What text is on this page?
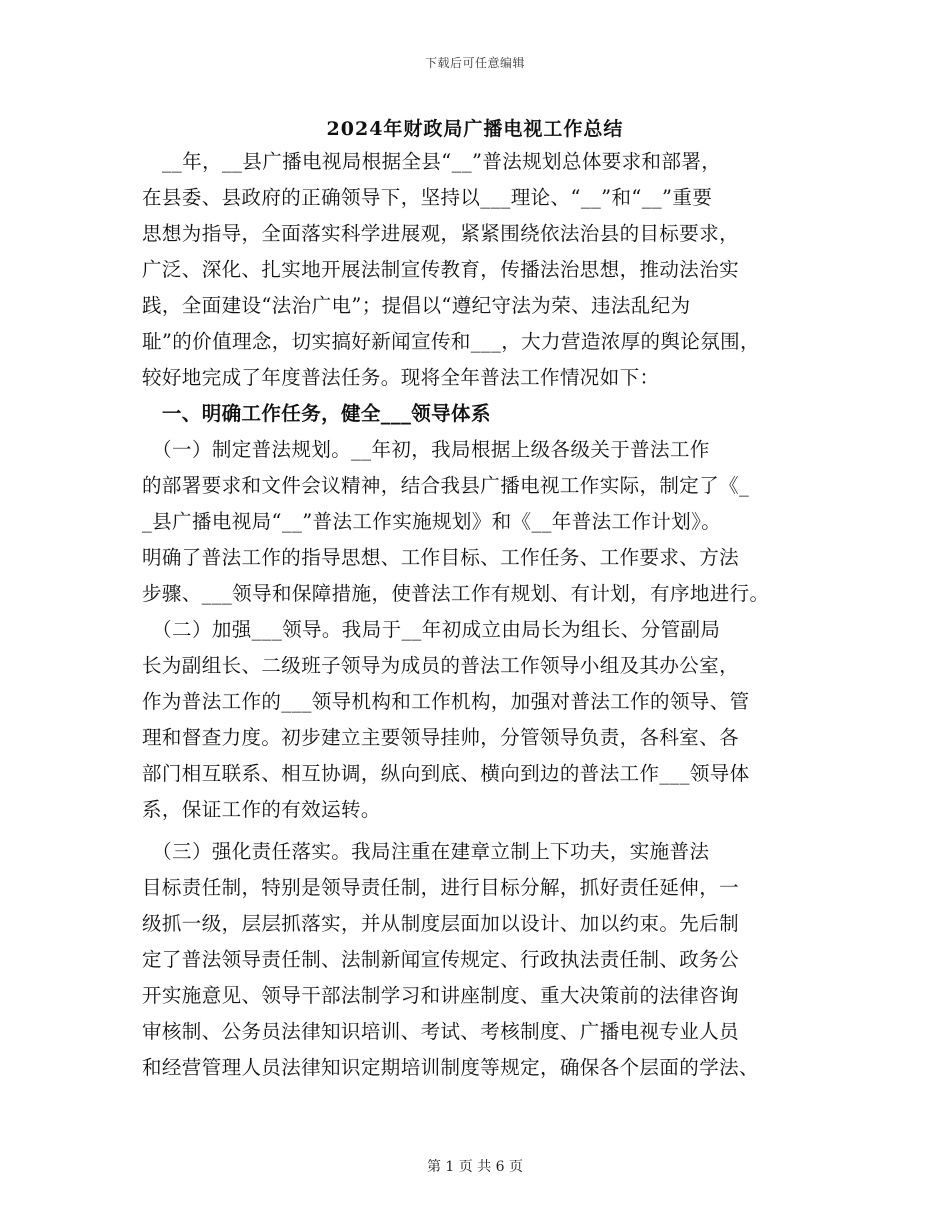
下载后可任意编辑
2024年财政局广播电视工作总结
　__年，__县广播电视局根据全县“__”普法规划总体要求和部署，
在县委、县政府的正确领导下，坚持以___理论、“__”和“__”重要
思想为指导，全面落实科学进展观，紧紧围绕依法治县的目标要求，
广泛、深化、扎实地开展法制宣传教育，传播法治思想，推动法治实
践，全面建设“法治广电”；提倡以“遵纪守法为荣、违法乱纪为
耻”的价值理念，切实搞好新闻宣传和___，大力营造浓厚的舆论氛围，
较好地完成了年度普法任务。现将全年普法工作情况如下：
　一、明确工作任务，健全___领导体系
　（一）制定普法规划。__年初，我局根据上级各级关于普法工作
的部署要求和文件会议精神，结合我县广播电视工作实际，制定了《_
_县广播电视局“__”普法工作实施规划》和《__年普法工作计划》。
明确了普法工作的指导思想、工作目标、工作任务、工作要求、方法
步骤、___领导和保障措施，使普法工作有规划、有计划，有序地进行。
　（二）加强___领导。我局于__年初成立由局长为组长、分管副局
长为副组长、二级班子领导为成员的普法工作领导小组及其办公室，
作为普法工作的___领导机构和工作机构，加强对普法工作的领导、管
理和督查力度。初步建立主要领导挂帅，分管领导负责，各科室、各
部门相互联系、相互协调，纵向到底、横向到边的普法工作___领导体
系，保证工作的有效运转。
　（三）强化责任落实。我局注重在建章立制上下功夫，实施普法
目标责任制，特别是领导责任制，进行目标分解，抓好责任延伸，一
级抓一级，层层抓落实，并从制度层面加以设计、加以约束。先后制
定了普法领导责任制、法制新闻宣传规定、行政执法责任制、政务公
开实施意见、领导干部法制学习和讲座制度、重大决策前的法律咨询
审核制、公务员法律知识培训、考试、考核制度、广播电视专业人员
和经营管理人员法律知识定期培训制度等规定，确保各个层面的学法、
第 1 页 共 6 页
